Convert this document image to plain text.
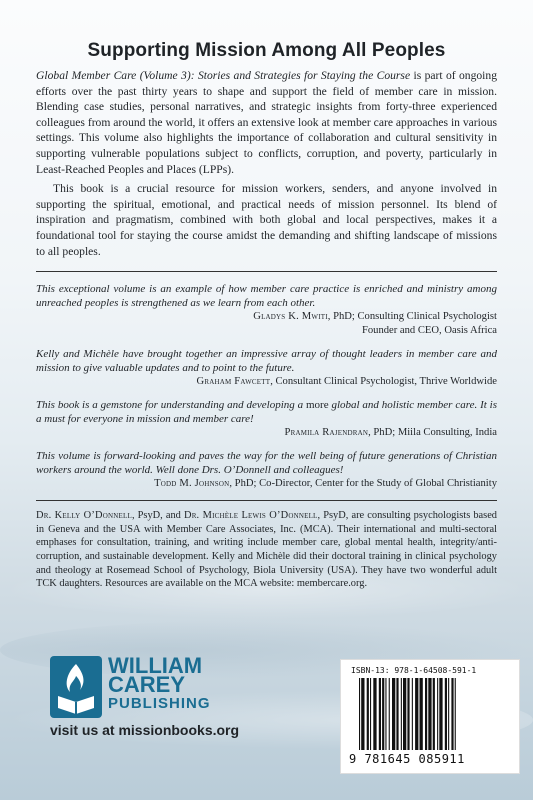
Supporting Mission Among All Peoples

Global Member Care (Volume 3): Stories and Strategies for Staying the Course is part of ongoing efforts over the past thirty years to shape and support the field of member care in mission. Blending case studies, personal narratives, and strategic insights from forty-three experienced colleagues from around the world, it offers an extensive look at member care approaches in various settings. This volume also highlights the importance of collaboration and cultural sensitivity in supporting vulnerable populations subject to conflicts, corruption, and poverty, particularly in Least-Reached Peoples and Places (LPPs).

This book is a crucial resource for mission workers, senders, and anyone involved in supporting the spiritual, emotional, and practical needs of mission personnel. Its blend of inspiration and pragmatism, combined with both global and local perspectives, makes it a foundational tool for staying the course amidst the demanding and shifting landscape of missions to all peoples.

This exceptional volume is an example of how member care practice is enriched and ministry among unreached peoples is strengthened as we learn from each other.
Gladys K. Mwiti, PhD; Consulting Clinical Psychologist
Founder and CEO, Oasis Africa
Kelly and Michèle have brought together an impressive array of thought leaders in member care and mission to give valuable updates and to point to the future.
Graham Fawcett, Consultant Clinical Psychologist, Thrive Worldwide
This book is a gemstone for understanding and developing a more global and holistic member care. It is a must for everyone in mission and member care!
Pramila Rajendran, PhD; Miila Consulting, India
This volume is forward-looking and paves the way for the well being of future generations of Christian workers around the world. Well done Drs. O’Donnell and colleagues!
Todd M. Johnson, PhD; Co-Director, Center for the Study of Global Christianity
Dr. Kelly O’Donnell, PsyD, and Dr. Michèle Lewis O’Donnell, PsyD, are consulting psychologists based in Geneva and the USA with Member Care Associates, Inc. (MCA). Their international and multi-sectoral emphases for consultation, training, and writing include member care, global mental health, integrity/anti-corruption, and sustainable development. Kelly and Michèle did their doctoral training in clinical psychology and theology at Rosemead School of Psychology, Biola University (USA). They have two wonderful adult TCK daughters. Resources are available on the MCA website: membercare.org.
WILLIAM
CAREY
PUBLISHING
visit us at missionbooks.org
ISBN-13: 978-1-64508-591-1
9 781645 085911
